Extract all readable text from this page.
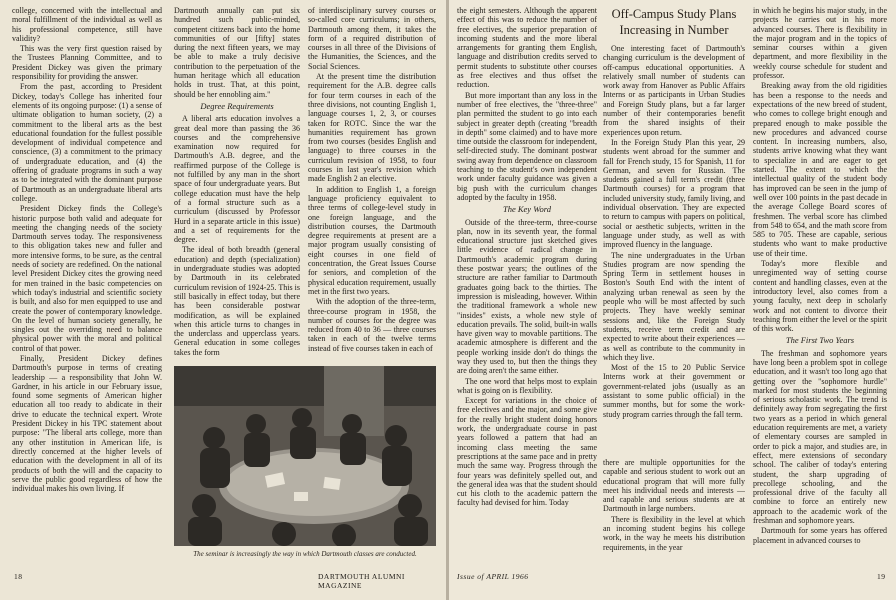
college, concerned with the intellectual and moral fulfillment of the individual as well as his professional competence, still have validity?

This was the very first question raised by the Trustees Planning Committee, and to President Dickey was given the primary responsibility for providing the answer.

From the past, according to President Dickey, today's College has inherited four elements of its ongoing purpose: (1) a sense of ultimate obligation to human society, (2) a commitment to the liberal arts as the best educational foundation for the fullest possible development of individual competence and conscience, (3) a commitment to the primacy of undergraduate education, and (4) the offering of graduate programs in such a way as to be integrated with the dominant purpose of Dartmouth as an undergraduate liberal arts college.

President Dickey finds the College's historic purpose both valid and adequate for meeting the changing needs of the society Dartmouth serves today. The responsiveness to this obligation takes new and fuller and more intensive forms, to be sure, as the central needs of society are redefined. On the national level President Dickey cites the growing need for men trained in the basic competencies on which today's industrial and scientific society is built, and also for men equipped to use and create the power of contemporary knowledge. On the level of human society generally, he singles out the overriding need to balance physical power with the moral and political control of that power.

Finally, President Dickey defines Dartmouth's purpose in terms of creating leadership — a responsibility that John W. Gardner, in his article in our February issue, found some segments of American higher education all too ready to abdicate in their drive to educate the technical expert. Wrote President Dickey in his TPC statement about purpose: "The liberal arts college, more than any other institution in American life, is directly concerned at the higher levels of education with the development in all of its products of both the will and the capacity to serve the public good regardless of how the individual makes his own living. If

Dartmouth annually can put six hundred such public-minded, competent citizens back into the home communities of our [fifty] states during the next fifteen years, we may be able to make a truly decisive contribution to the perpetuation of the human heritage which all education holds in trust. That, at this point, should be her ennobling aim."

Degree Requirements

A liberal arts education involves a great deal more than passing the 36 courses and the comprehensive examination now required for Dartmouth's A.B. degree, and the reaffirmed purpose of the College is not fulfilled by any man in the short space of four undergraduate years. But college education must have the help of a formal structure such as a curriculum (discussed by Professor Hurd in a separate article in this issue) and a set of requirements for the degree.

The ideal of both breadth (general education) and depth (specialization) in undergraduate studies was adopted by Dartmouth in its celebrated curriculum revision of 1924-25. This is still basically in effect today, but there has been considerable postwar modification, as will be explained when this article turns to changes in the underclass and upperclass years. General education in some colleges takes the form

of interdisciplinary survey courses or so-called core curriculums; in others, Dartmouth among them, it takes the form of a required distribution of courses in all three of the Divisions of the Humanities, the Sciences, and the Social Sciences.

At the present time the distribution requirement for the A.B. degree calls for four term courses in each of the three divisions, not counting English 1, language courses 1, 2, 3, or courses taken for ROTC. Since the war the humanities requirement has grown from two courses (besides English and language) to three courses in the curriculum revision of 1958, to four courses in last year's revision which made English 2 an elective.

In addition to English 1, a foreign language proficiency equivalent to three terms of college-level study in one foreign language, and the distribution courses, the Dartmouth degree requirements at present are a major program usually consisting of eight courses in one field of concentration, the Great Issues Course for seniors, and completion of the physical education requirement, usually met in the first two years.

With the adoption of the three-term, three-course program in 1958, the number of courses for the degree was reduced from 40 to 36 — three courses taken in each of the twelve terms instead of five courses taken in each of

The seminar is increasingly the way in which Dartmouth classes are conducted.
18	DARTMOUTH ALUMNI MAGAZINE

the eight semesters. Although the apparent effect of this was to reduce the number of free electives, the superior preparation of incoming students and the more liberal arrangements for granting them English, language and distribution credits served to permit students to substitute other courses as free electives and thus offset the reduction.

But more important than any loss in the number of free electives, the "three-three" plan permitted the student to go into each subject in greater depth (creating "breadth in depth" some claimed) and to have more time outside the classroom for independent, self-directed study. The dominant postwar swing away from dependence on classroom teaching to the student's own independent work under faculty guidance was given a big push with the curriculum changes adopted by the faculty in 1958.

The Key Word

Outside of the three-term, three-course plan, now in its seventh year, the formal educational structure just sketched gives little evidence of radical change in Dartmouth's academic program during these postwar years; the outlines of the structure are rather familiar to Dartmouth graduates going back to the thirties. The impression is misleading, however. Within the traditional framework a whole new "insides" exists, a whole new style of education prevails. The solid, built-in walls have given way to movable partitions. The academic atmosphere is different and the people working inside don't do things the way they used to, but then the things they are doing aren't the same either.

The one word that helps most to explain what is going on is flexibility.

Except for variations in the choice of free electives and the major, and some give for the really bright student doing honors work, the undergraduate course in past years followed a pattern that had an incoming class meeting the same prescriptions at the same pace and in pretty much the same way. Progress through the four years was definitely spelled out, and the general idea was that the student should cut his cloth to the academic pattern the faculty had devised for him. Today

Off-Campus Study Plans Increasing in Number

One interesting facet of Dartmouth's changing curriculum is the development of off-campus educational opportunities. A relatively small number of students can work away from Hanover as Public Affairs Interns or as participants in Urban Studies and Foreign Study plans, but a far larger number of their contemporaries benefit from the shared insights of their experiences upon return.

In the Foreign Study Plan this year, 29 students went abroad for the summer and fall for French study, 15 for Spanish, 11 for German, and seven for Russian. The students gained a full term's credit (three Dartmouth courses) for a program that included university study, family living, and individual observation. They are expected to return to campus with papers on political, social or aesthetic subjects, written in the language under study, as well as with improved fluency in the language.

The nine undergraduates in the Urban Studies program are now spending the Spring Term in settlement houses in Boston's South End with the intent of analyzing urban renewal as seen by the people who will be most affected by such projects. They have weekly seminar sessions and, like the Foreign Study students, receive term credit and are expected to write about their experiences — as well as contribute to the community in which they live.

Most of the 15 to 20 Public Service Interns work at their government or government-related jobs (usually as an assistant to some public official) in the summer months, but for some the work-study program carries through the fall term.

there are multiple opportunities for the capable and serious student to work out an educational program that will more fully meet his individual needs and interests — and capable and serious students are at Dartmouth in large numbers.

There is flexibility in the level at which an incoming student begins his college work, in the way he meets his distribution requirements, in the year

in which he begins his major study, in the projects he carries out in his more advanced courses. There is flexibility in the major program and in the topics of seminar courses within a given department, and more flexibility in the weekly course schedule for student and professor.

Breaking away from the old rigidities has been a response to the needs and expectations of the new breed of student, who comes to college bright enough and prepared enough to make possible the new procedures and advanced course content. In increasing numbers, also, students arrive knowing what they want to specialize in and are eager to get started. The extent to which the intellectual quality of the student body has improved can be seen in the jump of well over 100 points in the past decade in the average College Board scores of freshmen. The verbal score has climbed from 548 to 654, and the math score from 585 to 705. These are capable, serious students who want to make productive use of their time.

Today's more flexible and unregimented way of setting course content and handling classes, even at the introductory level, also comes from a young faculty, next deep in scholarly work and not content to divorce their teaching from either the level or the spirit of this work.

The First Two Years

The freshman and sophomore years have long been a problem spot in college education, and it wasn't too long ago that getting over the "sophomore hurdle" marked for most students the beginning of serious scholastic work. The trend is definitely away from segregating the first two years as a period in which general education requirements are met, a variety of elementary courses are sampled in order to pick a major, and studies are, in effect, mere extensions of secondary school. The caliber of today's entering student, the sharp upgrading of precollege schooling, and the professional drive of the faculty all combine to force an entirely new approach to the academic work of the freshman and sophomore years.

Dartmouth for some years has offered placement in advanced courses to

Issue of APRIL 1966	19
